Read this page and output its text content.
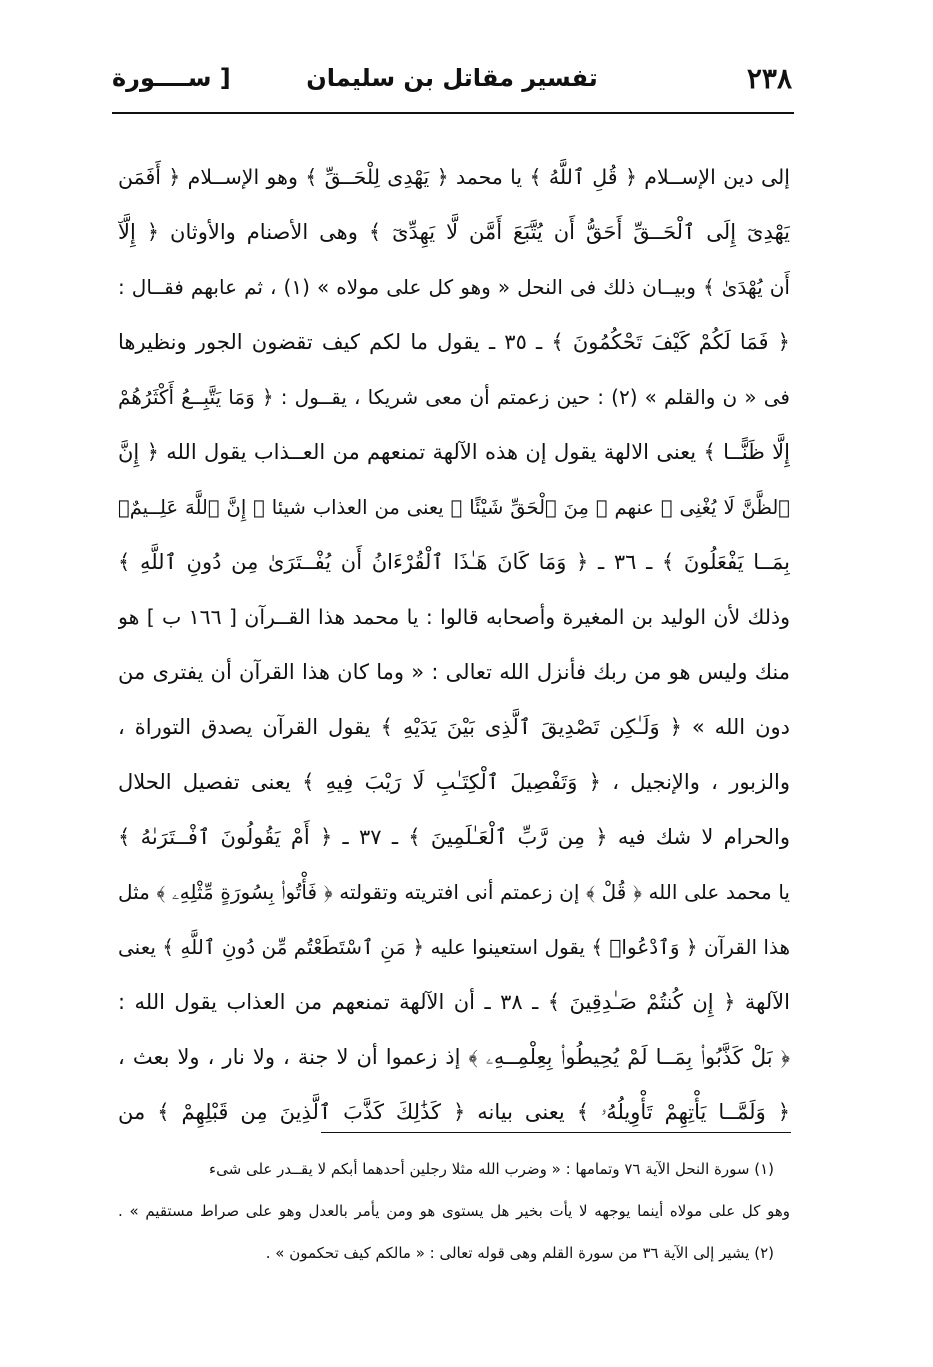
٢٣٨
تفسير مقاتل بن سليمان
[ ســــورة
إلى دين الإســلام ﴿ قُلِ ٱللَّهُ ﴾ يا محمد ﴿ يَهْدِى لِلْحَــقِّ ﴾ وهو الإســلام ﴿ أَفَمَن
يَهْدِىٓ إِلَى ٱلْحَــقِّ أَحَقُّ أَن يُتَّبَعَ أَمَّن لَّا يَهِدِّىٓ ﴾ وهى الأصنام والأوثان ﴿ إِلَّآ
أَن يُهْدَىٰ ﴾ وبيــان ذلك فى النحل « وهو كل على مولاه » (١) ، ثم عابهم فقــال :
﴿ فَمَا لَكُمْ كَيْفَ تَحْكُمُونَ ﴾ ـ ٣٥ ـ يقول ما لكم كيف تقضون الجور ونظيرها
فى « ن والقلم » (٢) : حين زعمتم أن معى شريكا ، يقــول : ﴿ وَمَا يَتَّبِــعُ أَكْثَرُهُمْ
إِلَّا ظَنًّــا ﴾ يعنى الالهة يقول إن هذه الآلهة تمنعهم من العــذاب يقول الله ﴿ إِنَّ
ٱلظَّنَّ لَا يُغْنِى ﴾ عنهم ﴿ مِنَ ٱلْحَقِّ شَيْئًا ﴾ يعنى من العذاب شيئا ﴿ إِنَّ ٱللَّهَ عَلِــيمٌۢ
بِمَــا يَفْعَلُونَ ﴾ ـ ٣٦ ـ ﴿ وَمَا كَانَ هَـٰذَا ٱلْقُرْءَانُ أَن يُفْــتَرَىٰ مِن دُونِ ٱللَّهِ ﴾
وذلك لأن الوليد بن المغيرة وأصحابه قالوا : يا محمد هذا القــرآن [ ١٦٦ ب ] هو
منك وليس هو من ربك فأنزل الله تعالى : « وما كان هذا القرآن أن يفترى من
دون الله » ﴿ وَلَـٰكِن تَصْدِيقَ ٱلَّذِى بَيْنَ يَدَيْهِ ﴾ يقول القرآن يصدق التوراة ،
والزبور ، والإنجيل ، ﴿ وَتَفْصِيلَ ٱلْكِتَـٰبِ لَا رَيْبَ فِيهِ ﴾ يعنى تفصيل الحلال
والحرام لا شك فيه ﴿ مِن رَّبِّ ٱلْعَـٰلَمِينَ ﴾ ـ ٣٧ ـ ﴿ أَمْ يَقُولُونَ ٱفْــتَرَىٰهُ ﴾
يا محمد على الله ﴿ قُلْ ﴾ إن زعمتم أنى افتريته وتقولته ﴿ فَأْتُوا۟ بِسُورَةٍ مِّثْلِهِۦ ﴾ مثل
هذا القرآن ﴿ وَٱدْعُوا۟ ﴾ يقول استعينوا عليه ﴿ مَنِ ٱسْتَطَعْتُم مِّن دُونِ ٱللَّهِ ﴾ يعنى
الآلهة ﴿ إِن كُنتُمْ صَـٰدِقِينَ ﴾ ـ ٣٨ ـ أن الآلهة تمنعهم من العذاب يقول الله :
﴿ بَلْ كَذَّبُوا۟ بِمَــا لَمْ يُحِيطُوا۟ بِعِلْمِــهِۦ ﴾ إذ زعموا أن لا جنة ، ولا نار ، ولا بعث ،
﴿ وَلَمَّــا يَأْتِهِمْ تَأْوِيلُهُۥ ﴾ يعنى بيانه ﴿ كَذَٰلِكَ كَذَّبَ ٱلَّذِينَ مِن قَبْلِهِمْ ﴾ من
(١) سورة النحل الآية ٧٦ وتمامها : « وضرب الله مثلا رجلين أحدهما أبكم لا يقــدر على شىء
وهو كل على مولاه أينما يوجهه لا يأت بخير هل يستوى هو ومن يأمر بالعدل وهو على صراط مستقيم » .
(٢) يشير إلى الآية ٣٦ من سورة القلم وهى قوله تعالى : « مالكم كيف تحكمون » .
